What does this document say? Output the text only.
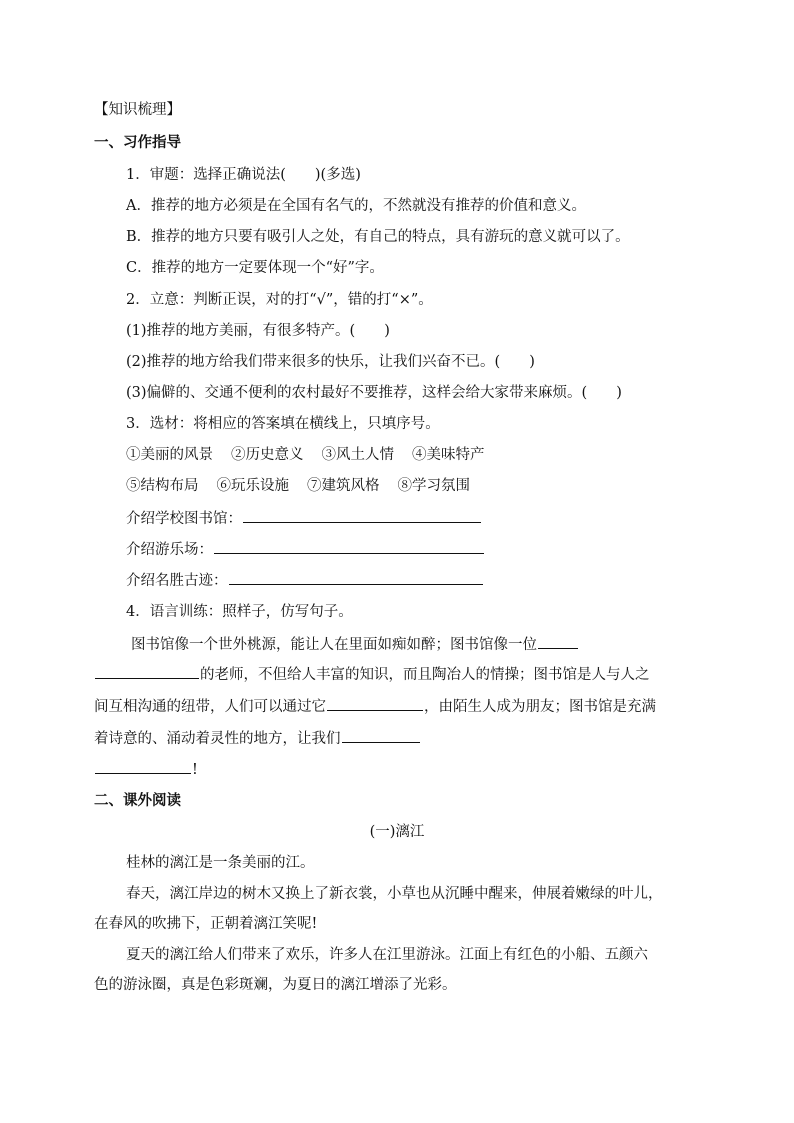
【知识梳理】
一、习作指导
1．审题：选择正确说法(　　)(多选)
A．推荐的地方必须是在全国有名气的，不然就没有推荐的价值和意义。
B．推荐的地方只要有吸引人之处，有自己的特点，具有游玩的意义就可以了。
C．推荐的地方一定要体现一个“好”字。
2．立意：判断正误，对的打“√”，错的打“×”。
(1)推荐的地方美丽，有很多特产。(　　)
(2)推荐的地方给我们带来很多的快乐，让我们兴奋不已。(　　)
(3)偏僻的、交通不便利的农村最好不要推荐，这样会给大家带来麻烦。(　　)
3．选材：将相应的答案填在横线上，只填序号。
①美丽的风景 ②历史意义 ③风土人情 ④美味特产
⑤结构布局 ⑥玩乐设施 ⑦建筑风格 ⑧学习氛围
介绍学校图书馆：
介绍游乐场：
介绍名胜古迹：
4．语言训练：照样子，仿写句子。
图书馆像一个世外桃源，能让人在里面如痴如醉；图书馆像一位
的老师，不但给人丰富的知识，而且陶冶人的情操；图书馆是人与人之
间互相沟通的纽带，人们可以通过它	，由陌生人成为朋友；图书馆是充满
着诗意的、涌动着灵性的地方，让我们
!
二、课外阅读
(一)漓江
桂林的漓江是一条美丽的江。
春天，漓江岸边的树木又换上了新衣裳，小草也从沉睡中醒来，伸展着嫩绿的叶儿，
在春风的吹拂下，正朝着漓江笑呢!
夏天的漓江给人们带来了欢乐，许多人在江里游泳。江面上有红色的小船、五颜六
色的游泳圈，真是色彩斑斓，为夏日的漓江增添了光彩。
